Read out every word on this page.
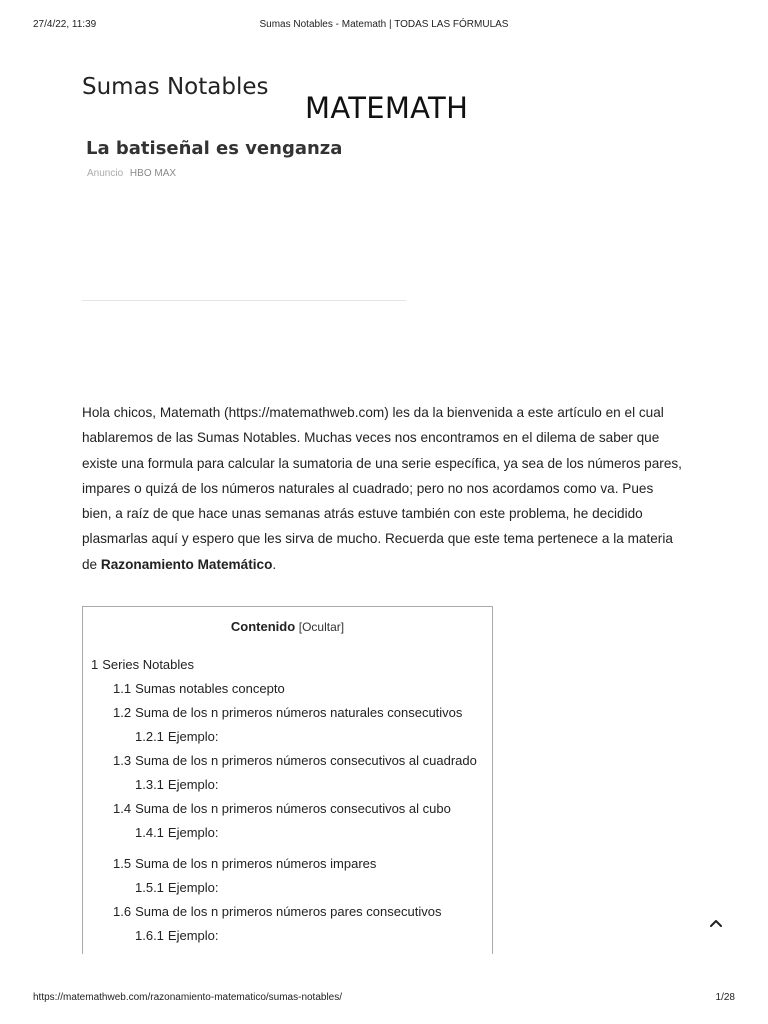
27/4/22, 11:39	Sumas Notables - Matemath | TODAS LAS FÓRMULAS
Sumas Notables
MATEMATH
La batiseñal es venganza
Anuncio HBO MAX

Hola chicos, Matemath (https://matemathweb.com) les da la bienvenida a este artículo en el cual hablaremos de las Sumas Notables. Muchas veces nos encontramos en el dilema de saber que existe una formula para calcular la sumatoria de una serie específica, ya sea de los números pares, impares o quizá de los números naturales al cuadrado; pero no nos acordamos como va. Pues bien, a raíz de que hace unas semanas atrás estuve también con este problema, he decidido plasmarlas aquí y espero que les sirva de mucho. Recuerda que este tema pertenece a la materia de Razonamiento Matemático.

Contenido [Ocultar]
1 Series Notables
1.1 Sumas notables concepto
1.2 Suma de los n primeros números naturales consecutivos
1.2.1 Ejemplo:
1.3 Suma de los n primeros números consecutivos al cuadrado
1.3.1 Ejemplo:
1.4 Suma de los n primeros números consecutivos al cubo
1.4.1 Ejemplo:
1.5 Suma de los n primeros números impares
1.5.1 Ejemplo:
1.6 Suma de los n primeros números pares consecutivos
1.6.1 Ejemplo:
https://matemathweb.com/razonamiento-matematico/sumas-notables/	1/28
